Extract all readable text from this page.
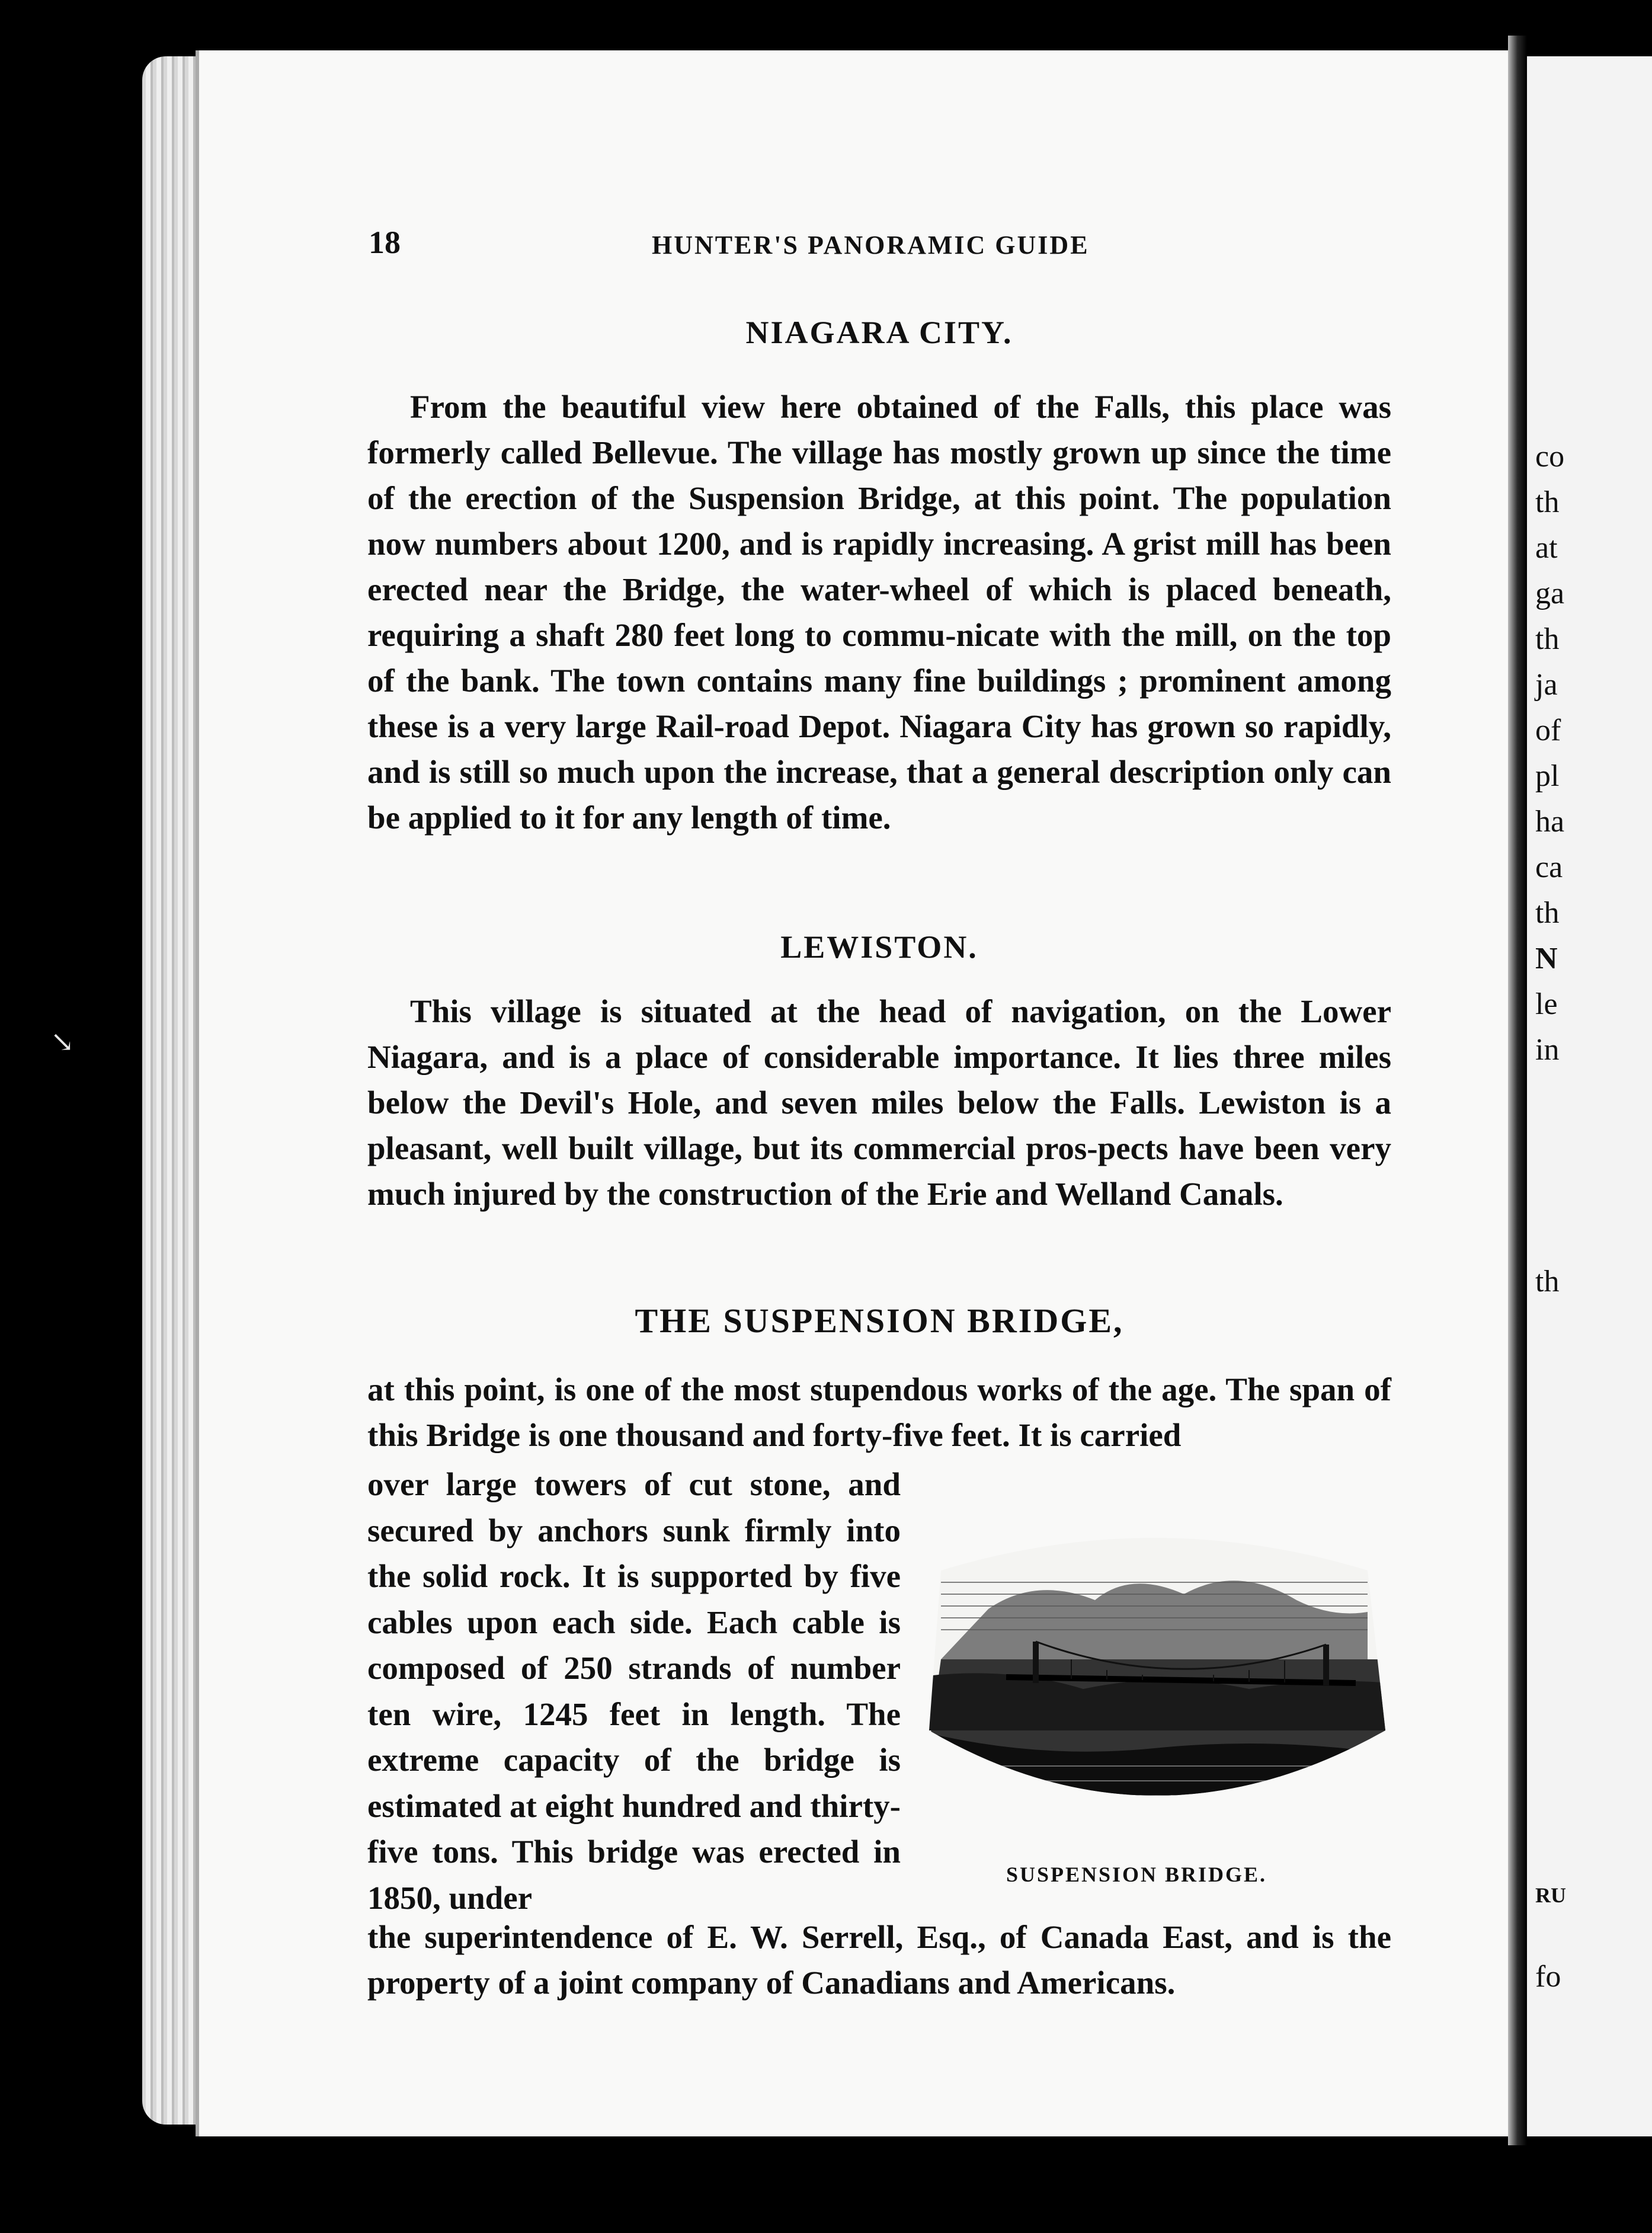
↘
co
th
at
ga
th
ja
of
pl
ha
ca
th
N
le
in
th
RU
fo
18	HUNTER'S PANORAMIC GUIDE
NIAGARA CITY.

From the beautiful view here obtained of the Falls, this place was formerly called Bellevue. The village has mostly grown up since the time of the erection of the Suspension Bridge, at this point. The population now numbers about 1200, and is rapidly increasing. A grist mill has been erected near the Bridge, the water-wheel of which is placed beneath, requiring a shaft 280 feet long to commu-nicate with the mill, on the top of the bank. The town contains many fine buildings ; prominent among these is a very large Rail-road Depot. Niagara City has grown so rapidly, and is still so much upon the increase, that a general description only can be applied to it for any length of time.

LEWISTON.

This village is situated at the head of navigation, on the Lower Niagara, and is a place of considerable importance. It lies three miles below the Devil's Hole, and seven miles below the Falls. Lewiston is a pleasant, well built village, but its commercial pros-pects have been very much injured by the construction of the Erie and Welland Canals.

THE SUSPENSION BRIDGE,

at this point, is one of the most stupendous works of the age. The span of this Bridge is one thousand and forty-five feet. It is carried

over large towers of cut stone, and secured by anchors sunk firmly into the solid rock. It is supported by five cables upon each side. Each cable is composed of 250 strands of number ten wire, 1245 feet in length. The extreme capacity of the bridge is estimated at eight hundred and thirty-five tons. This bridge was erected in 1850, under

SUSPENSION BRIDGE.

the superintendence of E. W. Serrell, Esq., of Canada East, and is the property of a joint company of Canadians and Americans.
